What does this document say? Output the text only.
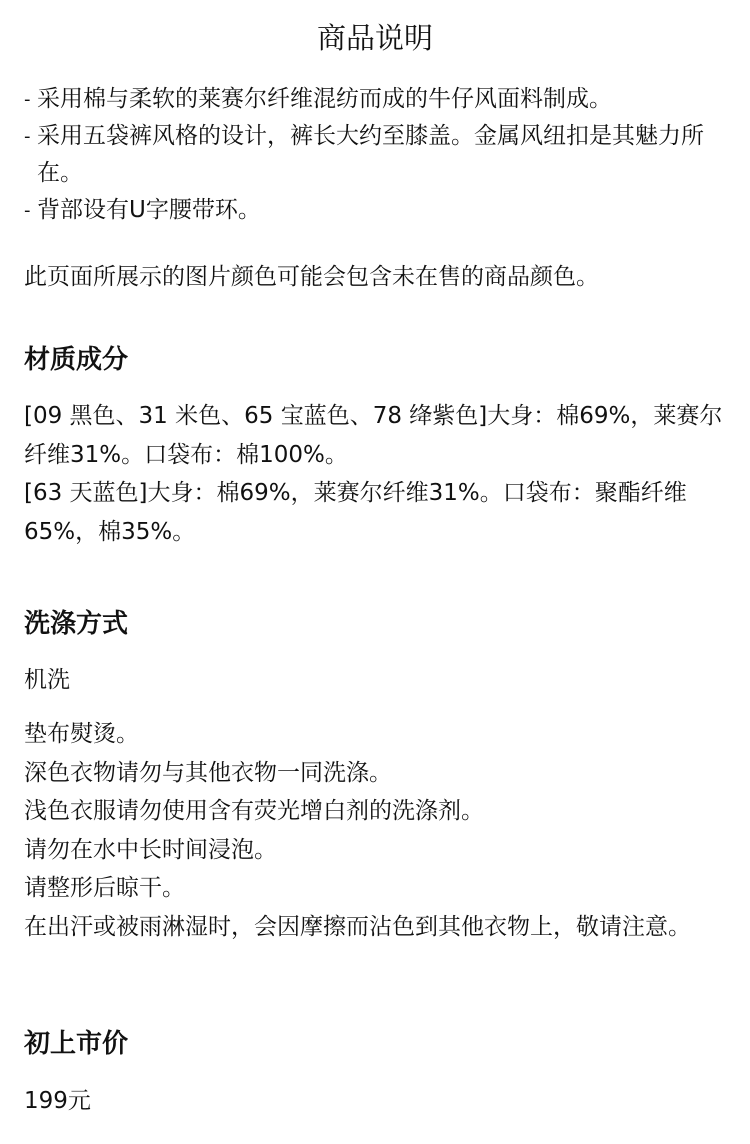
商品说明
- 采用棉与柔软的莱赛尔纤维混纺而成的牛仔风面料制成。
- 采用五袋裤风格的设计，裤长大约至膝盖。金属风纽扣是其魅力所在。
- 背部设有U字腰带环。
此页面所展示的图片颜色可能会包含未在售的商品颜色。
材质成分

[09 黑色、31 米色、65 宝蓝色、78 绛紫色]大身：棉69%，莱赛尔纤维31%。口袋布：棉100%。

[63 天蓝色]大身：棉69%，莱赛尔纤维31%。口袋布：聚酯纤维65%，棉35%。

洗涤方式

机洗

垫布熨烫。

深色衣物请勿与其他衣物一同洗涤。

浅色衣服请勿使用含有荧光增白剂的洗涤剂。

请勿在水中长时间浸泡。

请整形后晾干。

在出汗或被雨淋湿时，会因摩擦而沾色到其他衣物上，敬请注意。

初上市价

199元
